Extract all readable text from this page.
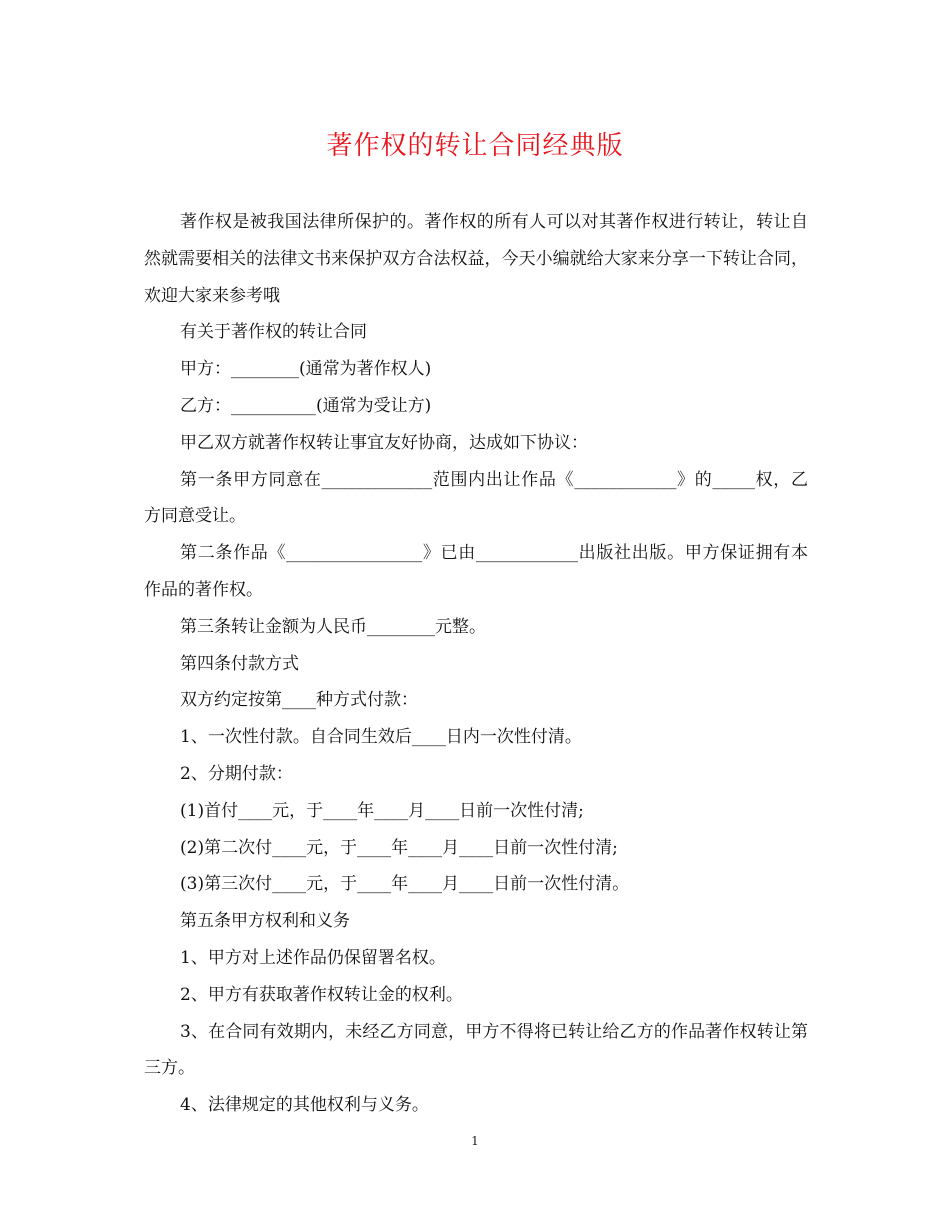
著作权的转让合同经典版

著作权是被我国法律所保护的。著作权的所有人可以对其著作权进行转让，转让自然就需要相关的法律文书来保护双方合法权益，今天小编就给大家来分享一下转让合同，欢迎大家来参考哦

有关于著作权的转让合同

甲方：________(通常为著作权人)

乙方：__________(通常为受让方)

甲乙双方就著作权转让事宜友好协商，达成如下协议：

第一条甲方同意在_____________范围内出让作品《____________》的_____权，乙方同意受让。

第二条作品《________________》已由____________出版社出版。甲方保证拥有本作品的著作权。

第三条转让金额为人民币________元整。

第四条付款方式

双方约定按第____种方式付款：

1、一次性付款。自合同生效后____日内一次性付清。

2、分期付款：

(1)首付____元，于____年____月____日前一次性付清;

(2)第二次付____元，于____年____月____日前一次性付清;

(3)第三次付____元，于____年____月____日前一次性付清。

第五条甲方权利和义务

1、甲方对上述作品仍保留署名权。

2、甲方有获取著作权转让金的权利。

3、在合同有效期内，未经乙方同意，甲方不得将已转让给乙方的作品著作权转让第三方。

4、法律规定的其他权利与义务。

1
